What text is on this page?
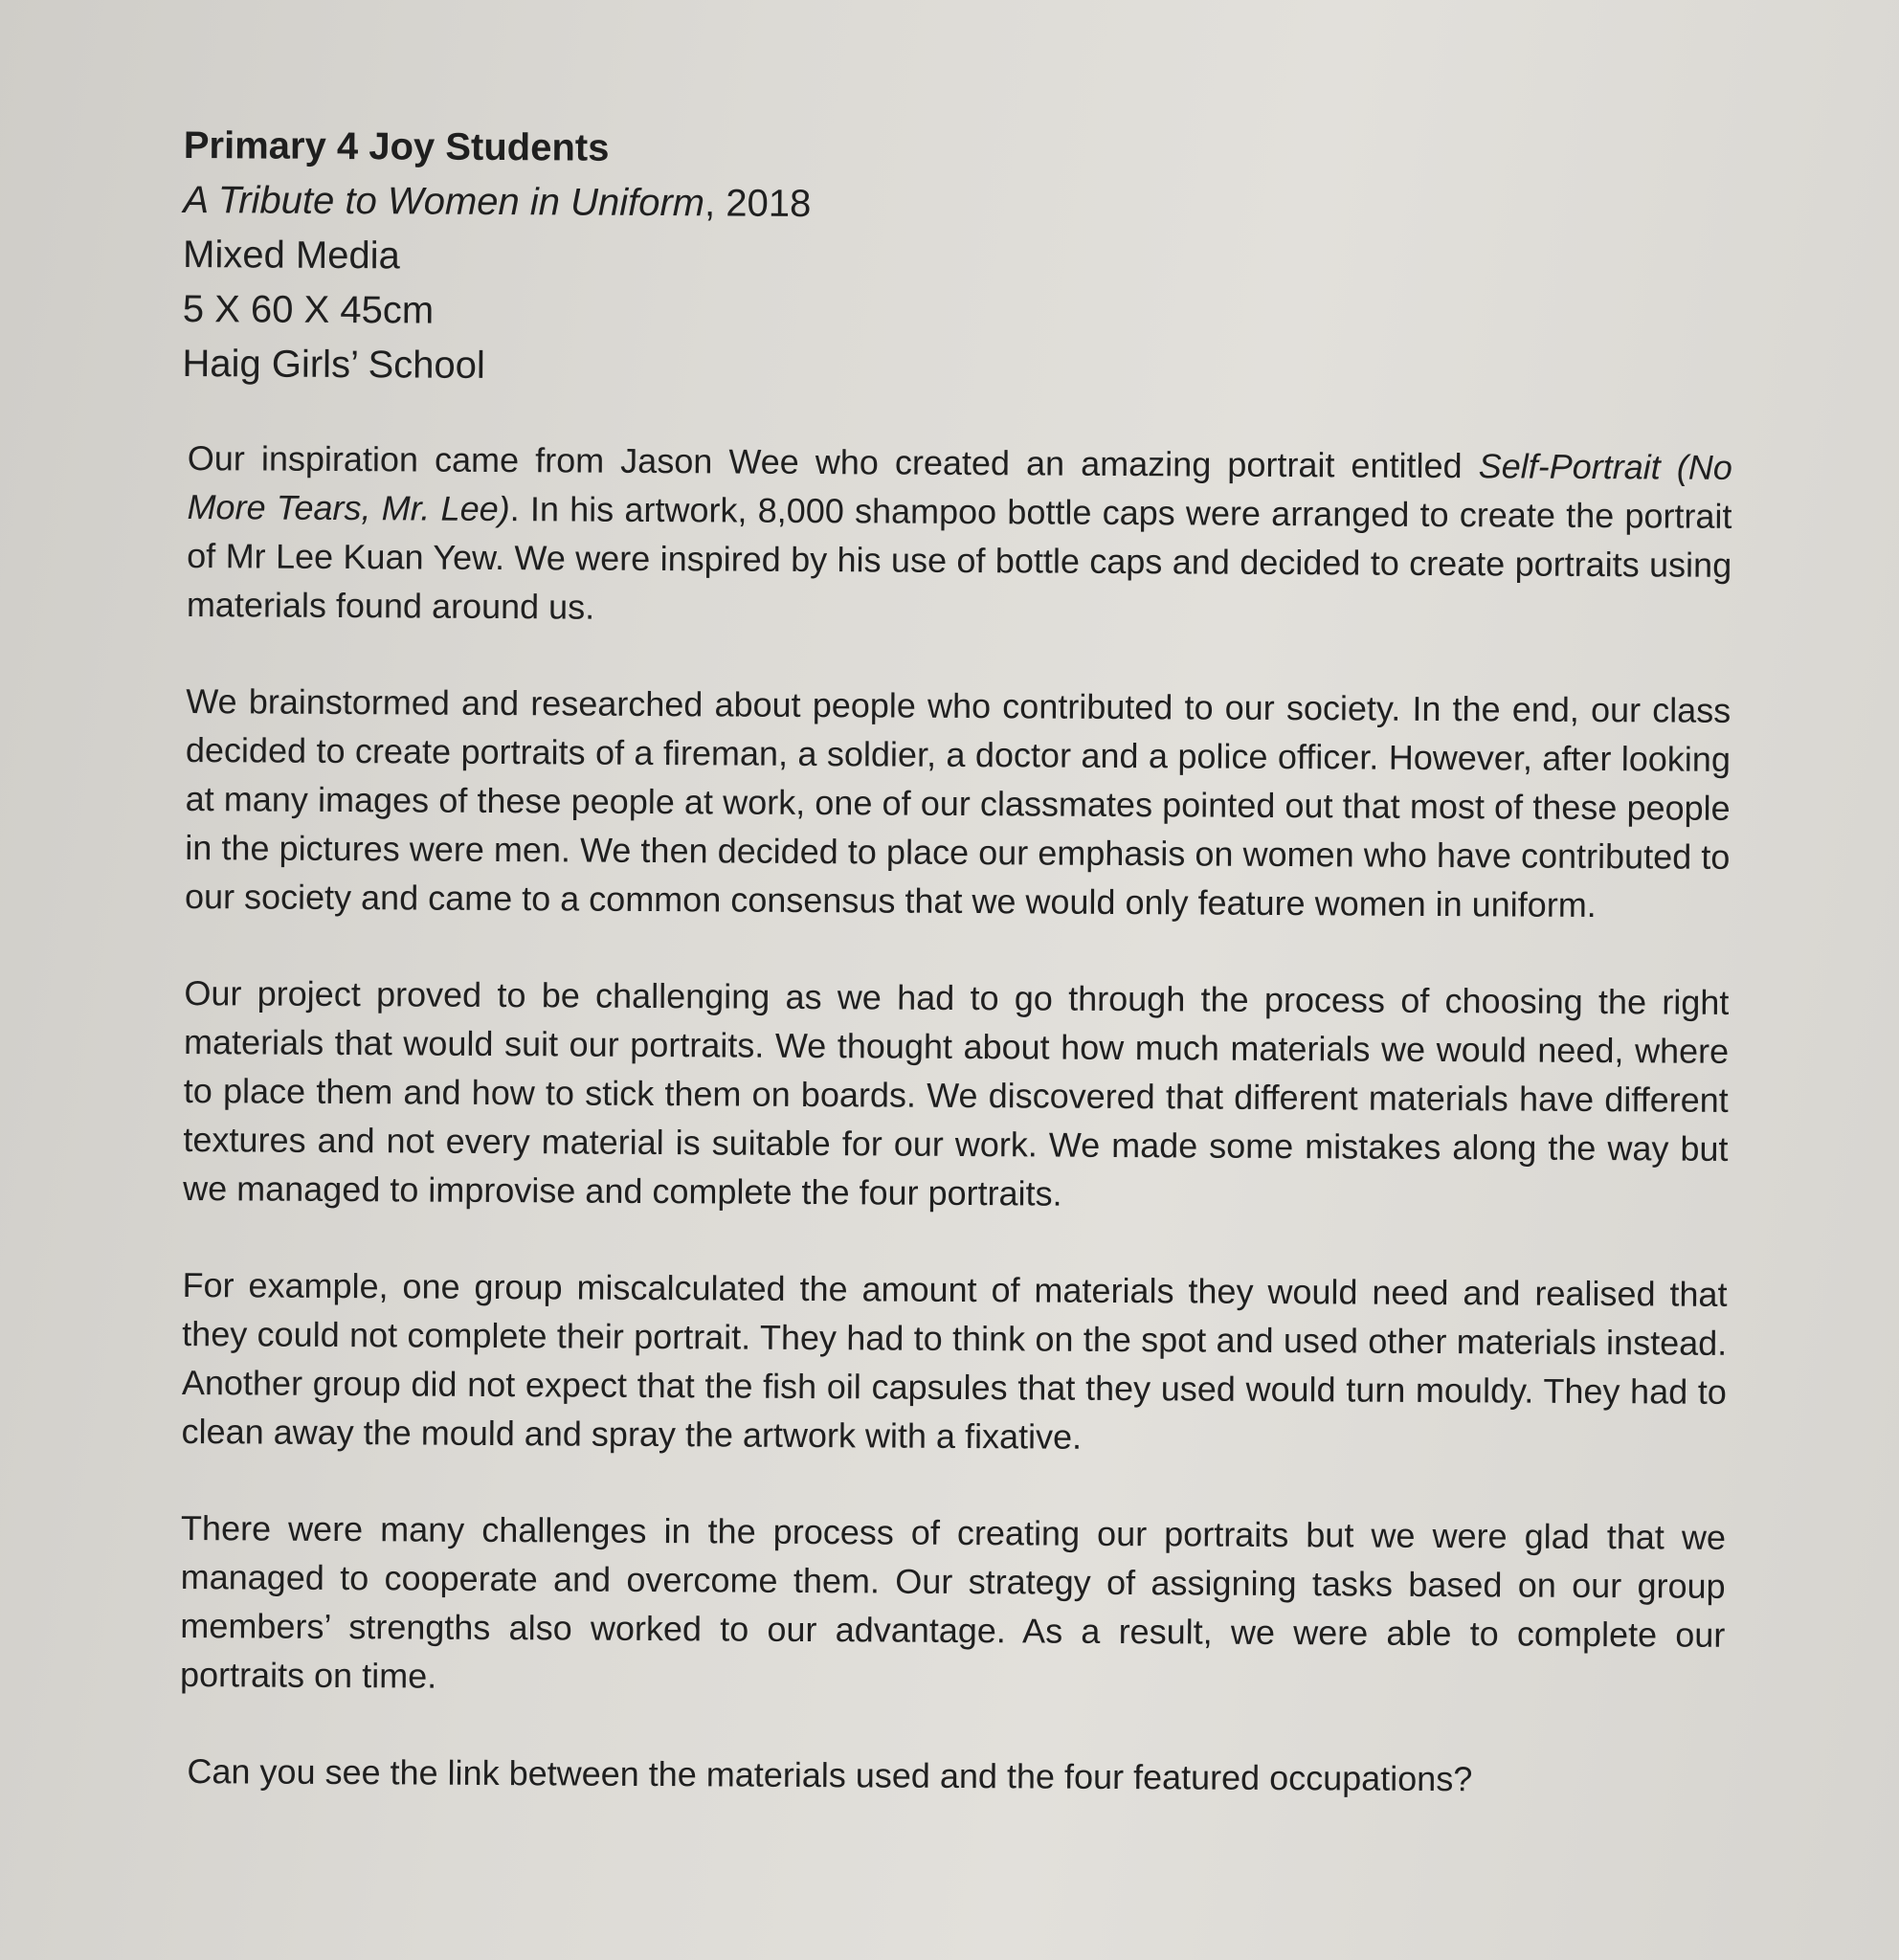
Primary 4 Joy Students

A Tribute to Women in Uniform, 2018

Mixed Media

5 X 60 X 45cm

Haig Girls’ School

Our inspiration came from Jason Wee who created an amazing portrait entitled Self-Portrait (No More Tears, Mr. Lee). In his artwork, 8,000 shampoo bottle caps were arranged to create the portrait of Mr Lee Kuan Yew. We were inspired by his use of bottle caps and decided to create portraits using materials found around us.

We brainstormed and researched about people who contributed to our society. In the end, our class decided to create portraits of a fireman, a soldier, a doctor and a police officer. However, after looking at many images of these people at work, one of our classmates pointed out that most of these people in the pictures were men. We then decided to place our emphasis on women who have contributed to our society and came to a common consensus that we would only feature women in uniform.

Our project proved to be challenging as we had to go through the process of choosing the right materials that would suit our portraits. We thought about how much materials we would need, where to place them and how to stick them on boards. We discovered that different materials have different textures and not every material is suitable for our work. We made some mistakes along the way but we managed to improvise and complete the four portraits.

For example, one group miscalculated the amount of materials they would need and realised that they could not complete their portrait. They had to think on the spot and used other materials instead. Another group did not expect that the fish oil capsules that they used would turn mouldy. They had to clean away the mould and spray the artwork with a fixative.

There were many challenges in the process of creating our portraits but we were glad that we managed to cooperate and overcome them. Our strategy of assigning tasks based on our group members’ strengths also worked to our advantage. As a result, we were able to complete our portraits on time.

Can you see the link between the materials used and the four featured occupations?
